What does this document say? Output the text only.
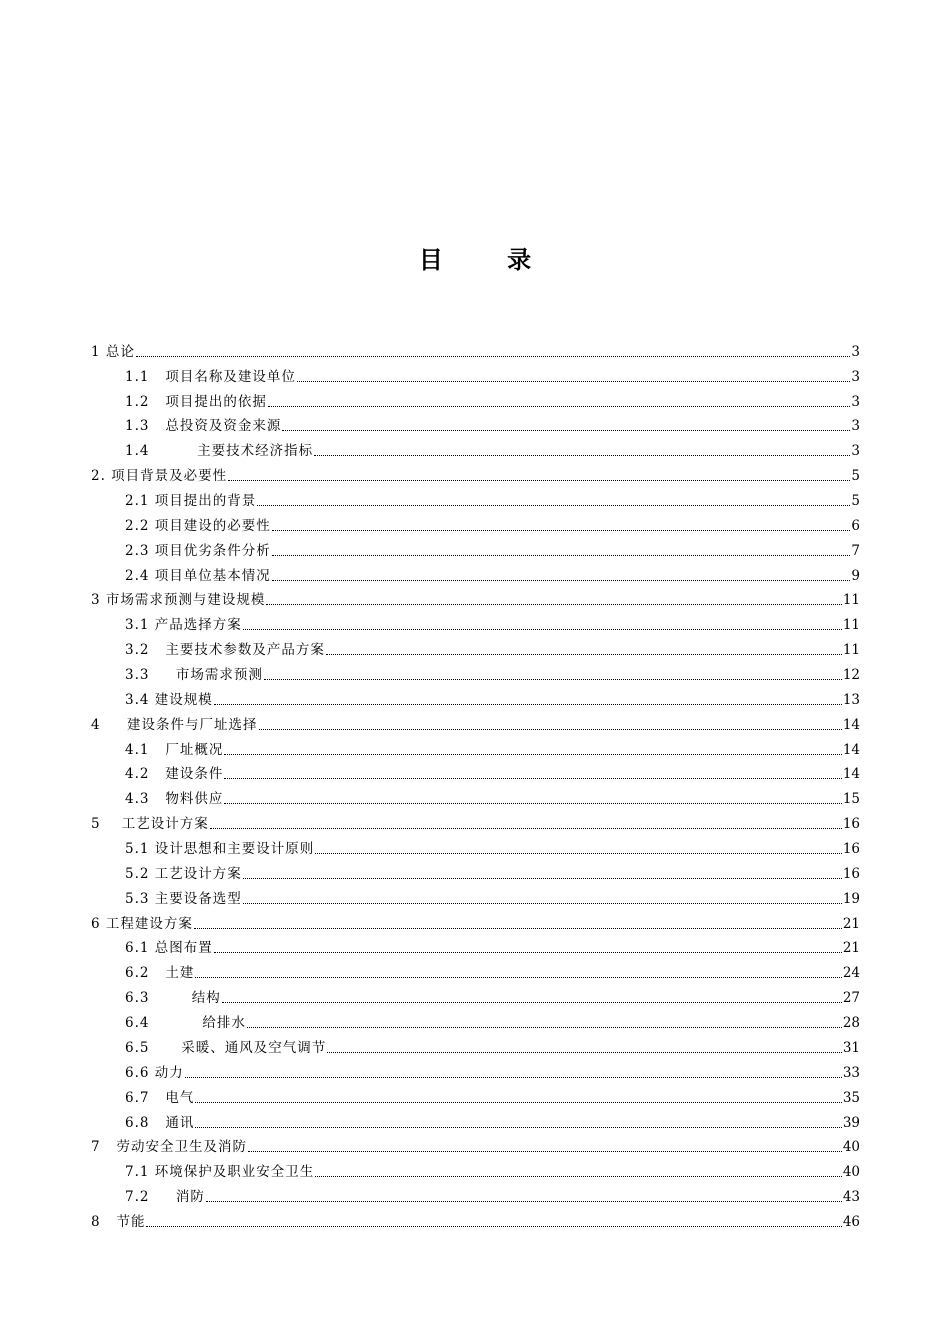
目 录
1 总论	3
1.1   项目名称及建设单位	3
1.2   项目提出的依据	3
1.3   总投资及资金来源	3
1.4         主要技术经济指标	3
2. 项目背景及必要性	5
2.1 项目提出的背景	5
2.2 项目建设的必要性	6
2.3 项目优劣条件分析	7
2.4 项目单位基本情况	9
3 市场需求预测与建设规模	11
3.1 产品选择方案	11
3.2   主要技术参数及产品方案	11
3.3     市场需求预测	12
3.4 建设规模	13
4     建设条件与厂址选择	14
4.1   厂址概况	14
4.2   建设条件	14
4.3   物料供应	15
5    工艺设计方案	16
5.1 设计思想和主要设计原则	16
5.2 工艺设计方案	16
5.3 主要设备选型	19
6 工程建设方案	21
6.1 总图布置	21
6.2   土建	24
6.3        结构	27
6.4          给排水	28
6.5      采暖、通风及空气调节	31
6.6 动力	33
6.7   电气	35
6.8   通讯	39
7   劳动安全卫生及消防	40
7.1 环境保护及职业安全卫生	40
7.2     消防	43
8   节能	46
